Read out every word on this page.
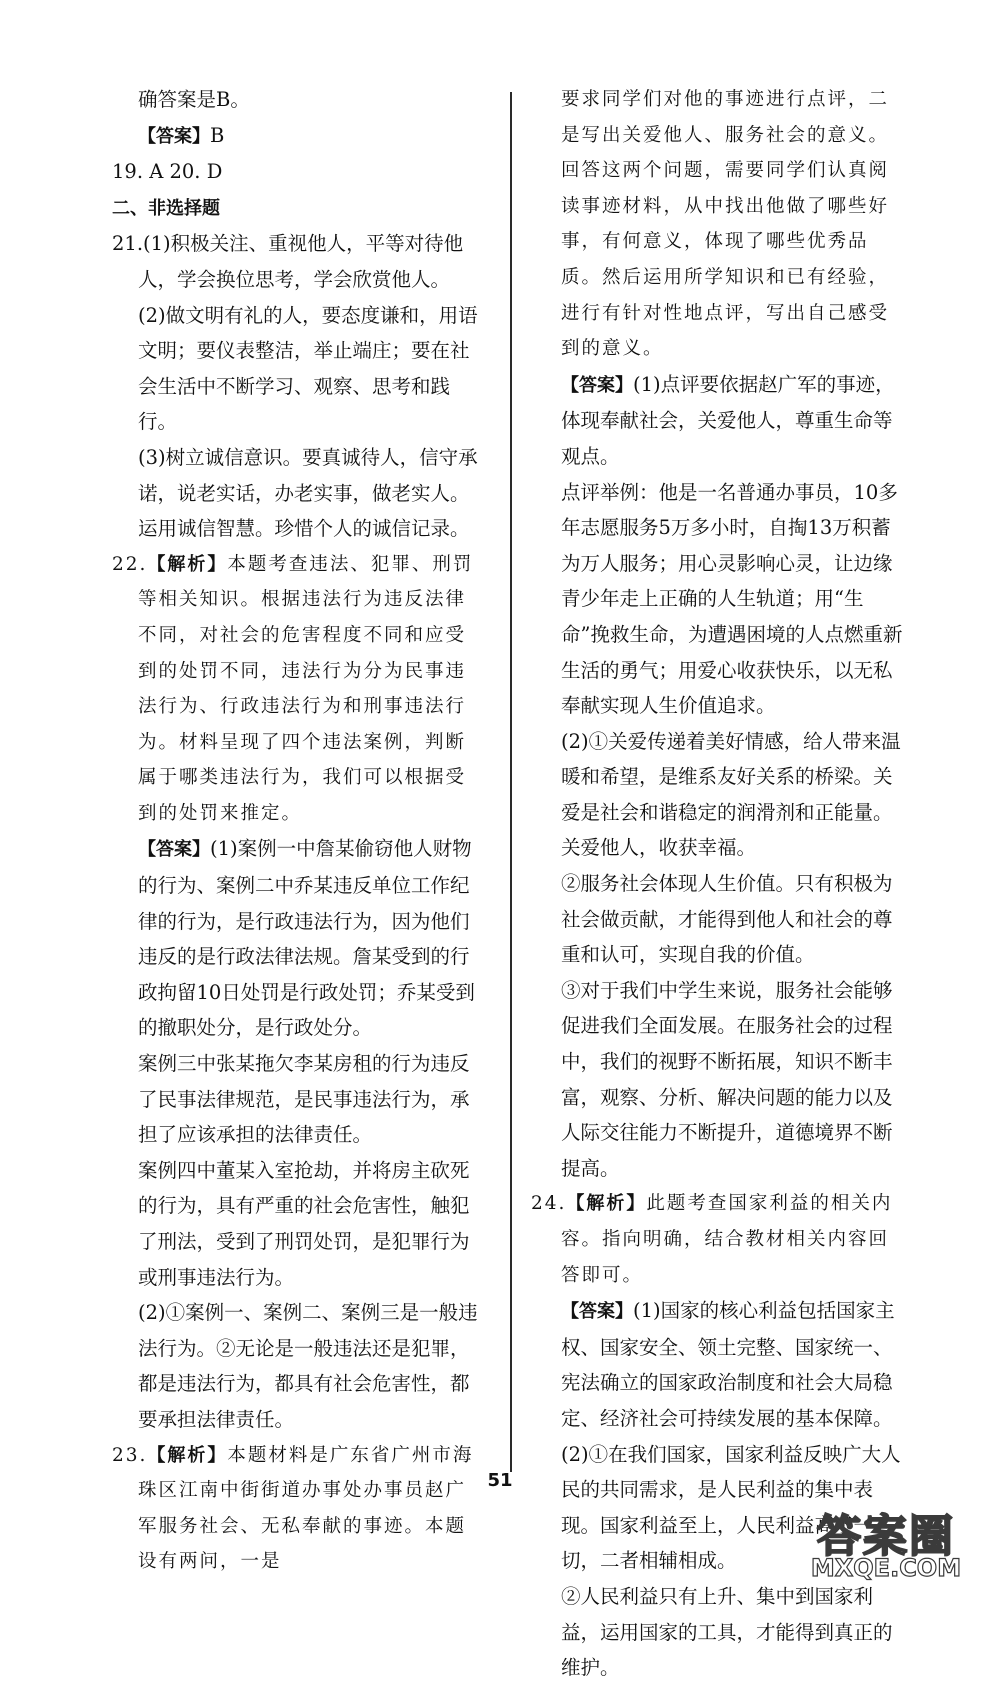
确答案是B。

【答案】B

19. A 20. D

二、非选择题

21.(1)积极关注、重视他人，平等对待他人，学会换位思考，学会欣赏他人。

(2)做文明有礼的人，要态度谦和，用语文明；要仪表整洁，举止端庄；要在社会生活中不断学习、观察、思考和践行。

(3)树立诚信意识。要真诚待人，信守承诺，说老实话，办老实事，做老实人。运用诚信智慧。珍惜个人的诚信记录。

22.【解析】本题考查违法、犯罪、刑罚等相关知识。根据违法行为违反法律不同，对社会的危害程度不同和应受到的处罚不同，违法行为分为民事违法行为、行政违法行为和刑事违法行为。材料呈现了四个违法案例，判断属于哪类违法行为，我们可以根据受到的处罚来推定。

【答案】(1)案例一中詹某偷窃他人财物的行为、案例二中乔某违反单位工作纪律的行为，是行政违法行为，因为他们违反的是行政法律法规。詹某受到的行政拘留10日处罚是行政处罚；乔某受到的撤职处分，是行政处分。

案例三中张某拖欠李某房租的行为违反了民事法律规范，是民事违法行为，承担了应该承担的法律责任。

案例四中董某入室抢劫，并将房主砍死的行为，具有严重的社会危害性，触犯了刑法，受到了刑罚处罚，是犯罪行为或刑事违法行为。

(2)①案例一、案例二、案例三是一般违法行为。②无论是一般违法还是犯罪，都是违法行为，都具有社会危害性，都要承担法律责任。

23.【解析】本题材料是广东省广州市海珠区江南中街街道办事处办事员赵广军服务社会、无私奉献的事迹。本题设有两问，一是

要求同学们对他的事迹进行点评，二是写出关爱他人、服务社会的意义。回答这两个问题，需要同学们认真阅读事迹材料，从中找出他做了哪些好事，有何意义，体现了哪些优秀品质。然后运用所学知识和已有经验，进行有针对性地点评，写出自己感受到的意义。

【答案】(1)点评要依据赵广军的事迹，体现奉献社会，关爱他人，尊重生命等观点。

点评举例：他是一名普通办事员，10多年志愿服务5万多小时，自掏13万积蓄为万人服务；用心灵影响心灵，让边缘青少年走上正确的人生轨道；用“生命”挽救生命，为遭遇困境的人点燃重新生活的勇气；用爱心收获快乐，以无私奉献实现人生价值追求。

(2)①关爱传递着美好情感，给人带来温暖和希望，是维系友好关系的桥梁。关爱是社会和谐稳定的润滑剂和正能量。关爱他人，收获幸福。

②服务社会体现人生价值。只有积极为社会做贡献，才能得到他人和社会的尊重和认可，实现自我的价值。

③对于我们中学生来说，服务社会能够促进我们全面发展。在服务社会的过程中，我们的视野不断拓展，知识不断丰富，观察、分析、解决问题的能力以及人际交往能力不断提升，道德境界不断提高。

24.【解析】此题考查国家利益的相关内容。指向明确，结合教材相关内容回答即可。

【答案】(1)国家的核心利益包括国家主权、国家安全、领土完整、国家统一、宪法确立的国家政治制度和社会大局稳定、经济社会可持续发展的基本保障。

(2)①在我们国家，国家利益反映广大人民的共同需求，是人民利益的集中表现。国家利益至上，人民利益高于一切，二者相辅相成。

②人民利益只有上升、集中到国家利益，运用国家的工具，才能得到真正的维护。

51
答案圈
MXQE.COM
